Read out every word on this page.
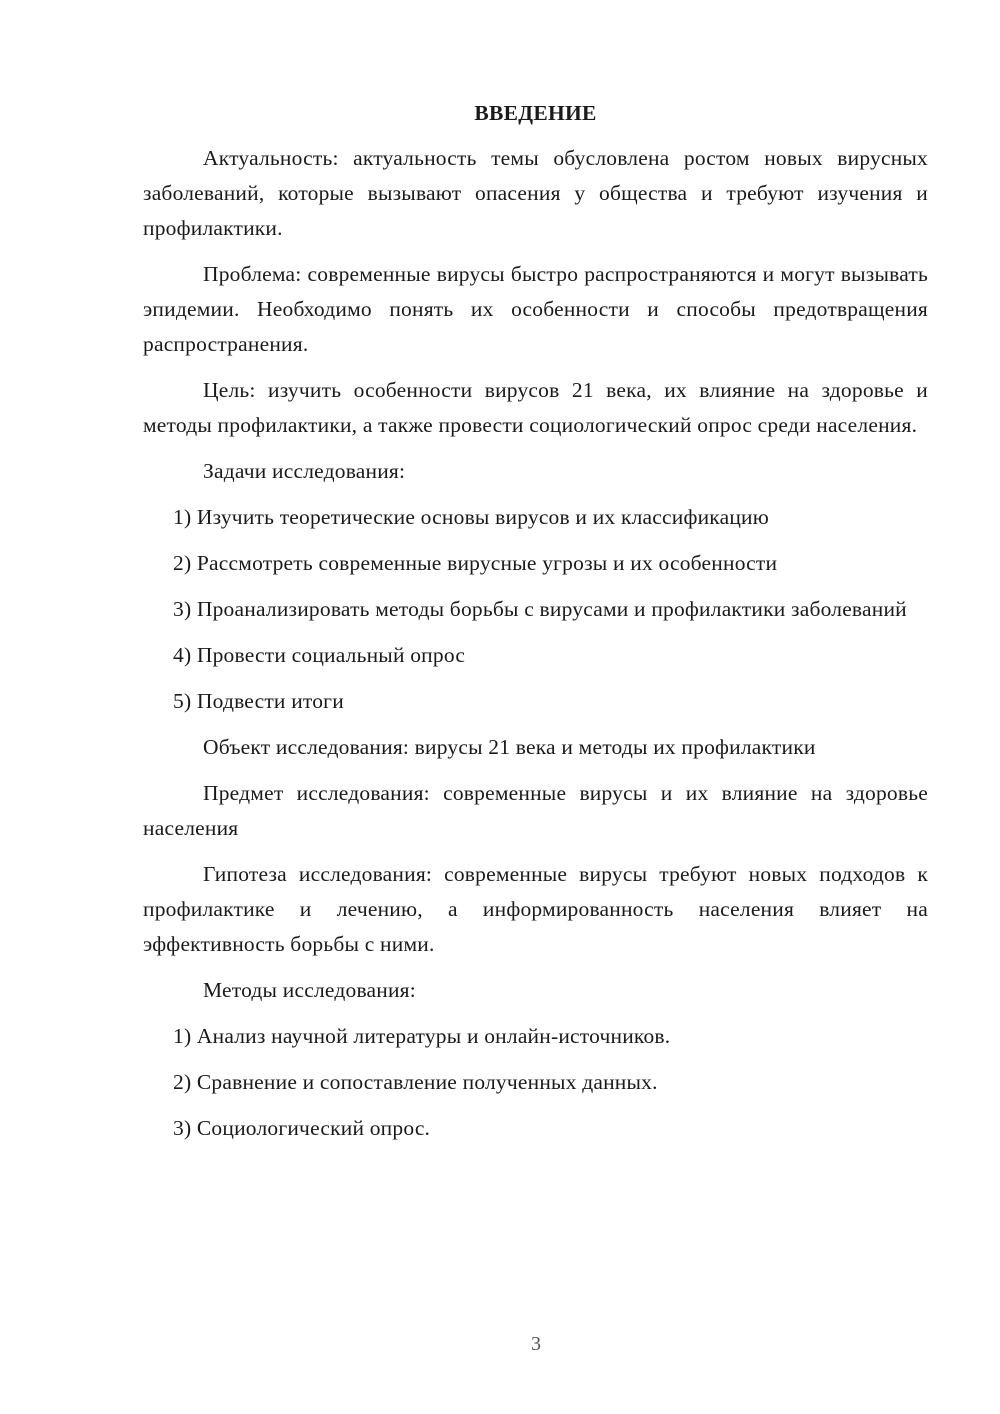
ВВЕДЕНИЕ

Актуальность: актуальность темы обусловлена ростом новых вирусных заболеваний, которые вызывают опасения у общества и требуют изучения и профилактики.

Проблема: современные вирусы быстро распространяются и могут вызывать эпидемии. Необходимо понять их особенности и способы предотвращения распространения.

Цель: изучить особенности вирусов 21 века, их влияние на здоровье и методы профилактики, а также провести социологический опрос среди населения.

Задачи исследования:

1) Изучить теоретические основы вирусов и их классификацию

2) Рассмотреть современные вирусные угрозы и их особенности

3) Проанализировать методы борьбы с вирусами и профилактики заболеваний

4) Провести социальный опрос

5) Подвести итоги

Объект исследования: вирусы 21 века и методы их профилактики

Предмет исследования: современные вирусы и их влияние на здоровье населения

Гипотеза исследования: современные вирусы требуют новых подходов к профилактике и лечению, а информированность населения влияет на эффективность борьбы с ними.

Методы исследования:

1) Анализ научной литературы и онлайн-источников.

2) Сравнение и сопоставление полученных данных.

3) Социологический опрос.

3
